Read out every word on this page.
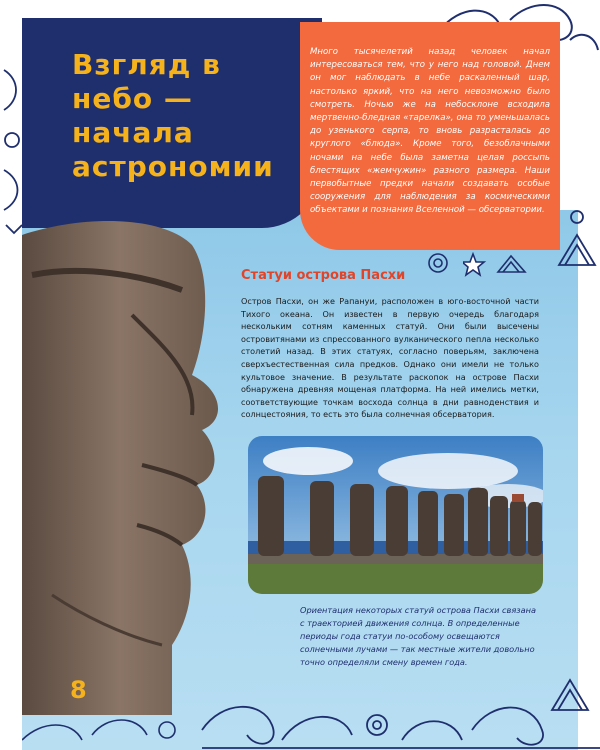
Взгляд в небо — начала астрономии

Много тысячелетий назад человек начал интересоваться тем, что у него над головой. Днем он мог наблюдать в небе раскаленный шар, настолько яркий, что на него невозможно было смотреть. Ночью же на небосклоне всходила мертвенно-бледная «тарелка», она то уменьшалась до узенького серпа, то вновь разрасталась до круглого «блюда». Кроме того, безоблачными ночами на небе была заметна целая россыпь блестящих «жемчужин» разного размера. Наши первобытные предки начали создавать особые сооружения для наблюдения за космическими объектами и познания Вселенной — обсерватории.

Статуи острова Пасхи

Остров Пасхи, он же Рапануи, расположен в юго-восточной части Тихого океана. Он известен в первую очередь благодаря нескольким сотням каменных статуй. Они были высечены островитянами из спрессованного вулканического пепла несколько столетий назад. В этих статуях, согласно поверьям, заключена сверхъестественная сила предков. Однако они имели не только культовое значение. В результате раскопок на острове Пасхи обнаружена древняя мощеная платформа. На ней имелись метки, соответствующие точкам восхода солнца в дни равноденствия и солнцестояния, то есть это была солнечная обсерватория.

Ориентация некоторых статуй острова Пасхи связана с траекторией движения солнца. В определенные периоды года статуи по-особому освещаются солнечными лучами — так местные жители довольно точно определяли смену времен года.

8
